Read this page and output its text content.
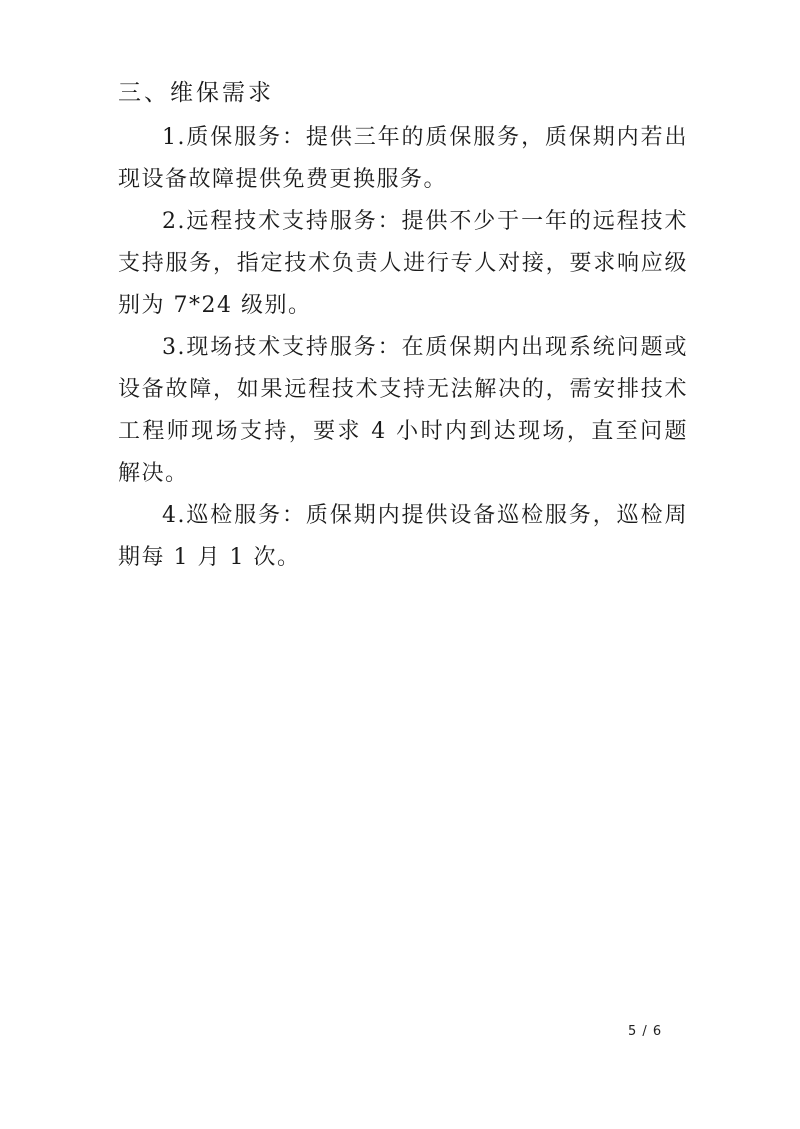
三、维保需求

1.质保服务：提供三年的质保服务，质保期内若出现设备故障提供免费更换服务。

2.远程技术支持服务：提供不少于一年的远程技术支持服务，指定技术负责人进行专人对接，要求响应级别为 7*24 级别。

3.现场技术支持服务：在质保期内出现系统问题或设备故障，如果远程技术支持无法解决的，需安排技术工程师现场支持，要求 4 小时内到达现场，直至问题解决。

4.巡检服务：质保期内提供设备巡检服务，巡检周期每 1 月 1 次。

5 / 6
